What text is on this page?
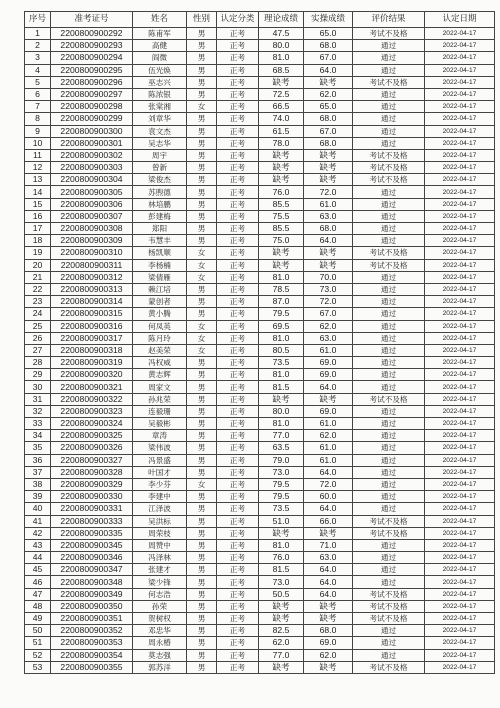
序号	准考证号	姓名	性别	认定分类	理论成绩	实操成绩	评价结果	认定日期
1	2200800900292	陈甫军	男	正考	47.5	65.0	考试不及格	2022-04-17
2	2200800900293	高健	男	正考	80.0	68.0	通过	2022-04-17
3	2200800900294	阎微	男	正考	81.0	67.0	通过	2022-04-17
4	2200800900295	伍光焕	男	正考	68.5	64.0	通过	2022-04-17
5	2200800900296	巫志兴	男	正考	缺考	缺考	考试不及格	2022-04-17
6	2200800900297	陈浓银	男	正考	72.5	62.0	通过	2022-04-17
7	2200800900298	张棠湘	女	正考	66.5	65.0	通过	2022-04-17
8	2200800900299	刘章华	男	正考	74.0	68.0	通过	2022-04-17
9	2200800900300	袁文杰	男	正考	61.5	67.0	通过	2022-04-17
10	2200800900301	吴志华	男	正考	78.0	68.0	通过	2022-04-17
11	2200800900302	周宇	男	正考	缺考	缺考	考试不及格	2022-04-17
12	2200800900303	曾新	男	正考	缺考	缺考	考试不及格	2022-04-17
13	2200800900304	梁俊杰	男	正考	缺考	缺考	考试不及格	2022-04-17
14	2200800900305	苏煦德	男	正考	76.0	72.0	通过	2022-04-17
15	2200800900306	林培鹏	男	正考	85.5	61.0	通过	2022-04-17
16	2200800900307	彭建梅	男	正考	75.5	63.0	通过	2022-04-17
17	2200800900308	郑阳	男	正考	85.5	68.0	通过	2022-04-17
18	2200800900309	韦慧丰	男	正考	75.0	64.0	通过	2022-04-17
19	2200800900310	杨凯顺	女	正考	缺考	缺考	考试不及格	2022-04-17
20	2200800900311	李杨楠	女	正考	缺考	缺考	考试不及格	2022-04-17
21	2200800900312	梁倩雁	女	正考	81.0	70.0	通过	2022-04-17
22	2200800900313	赖江培	男	正考	78.5	73.0	通过	2022-04-17
23	2200800900314	蒙创者	男	正考	87.0	72.0	通过	2022-04-17
24	2200800900315	黄小腾	男	正考	79.5	67.0	通过	2022-04-17
25	2200800900316	何凤英	女	正考	69.5	62.0	通过	2022-04-17
26	2200800900317	陈月玲	女	正考	81.0	63.0	通过	2022-04-17
27	2200800900318	赵美荣	女	正考	80.5	61.0	通过	2022-04-17
28	2200800900319	冯权威	男	正考	73.5	69.0	通过	2022-04-17
29	2200800900320	黄志辉	男	正考	81.0	69.0	通过	2022-04-17
30	2200800900321	周家文	男	正考	81.5	64.0	通过	2022-04-17
31	2200800900322	孙兆荣	男	正考	缺考	缺考	考试不及格	2022-04-17
32	2200800900323	连毅珊	男	正考	80.0	69.0	通过	2022-04-17
33	2200800900324	吴毅彬	男	正考	81.0	61.0	通过	2022-04-17
34	2200800900325	章涛	男	正考	77.0	62.0	通过	2022-04-17
35	2200800900326	梁伟波	男	正考	63.5	61.0	通过	2022-04-17
36	2200800900327	冯景盛	男	正考	79.0	61.0	通过	2022-04-17
37	2200800900328	叶国才	男	正考	73.0	64.0	通过	2022-04-17
38	2200800900329	李少芬	女	正考	79.5	72.0	通过	2022-04-17
39	2200800900330	李建中	男	正考	79.5	60.0	通过	2022-04-17
40	2200800900331	江泽波	男	正考	73.5	64.0	通过	2022-04-17
41	2200800900333	吴洪标	男	正考	51.0	66.0	考试不及格	2022-04-17
42	2200800900335	周荣枝	男	正考	缺考	缺考	考试不及格	2022-04-17
43	2200800900345	周赞中	男	正考	81.0	71.0	通过	2022-04-17
44	2200800900346	冯泽林	男	正考	76.0	63.0	通过	2022-04-17
45	2200800900347	张建才	男	正考	81.5	64.0	通过	2022-04-17
46	2200800900348	梁少锋	男	正考	73.0	64.0	通过	2022-04-17
47	2200800900349	何志浩	男	正考	50.5	64.0	考试不及格	2022-04-17
48	2200800900350	孙荣	男	正考	缺考	缺考	考试不及格	2022-04-17
49	2200800900351	贺树权	男	正考	缺考	缺考	考试不及格	2022-04-17
50	2200800900352	邓忠华	男	正考	82.5	68.0	通过	2022-04-17
51	2200800900353	周永椿	男	正考	62.0	69.0	通过	2022-04-17
52	2200800900354	莫志强	男	正考	77.0	62.0	通过	2022-04-17
53	2200800900355	郭苏洋	男	正考	缺考	缺考	考试不及格	2022-04-17
